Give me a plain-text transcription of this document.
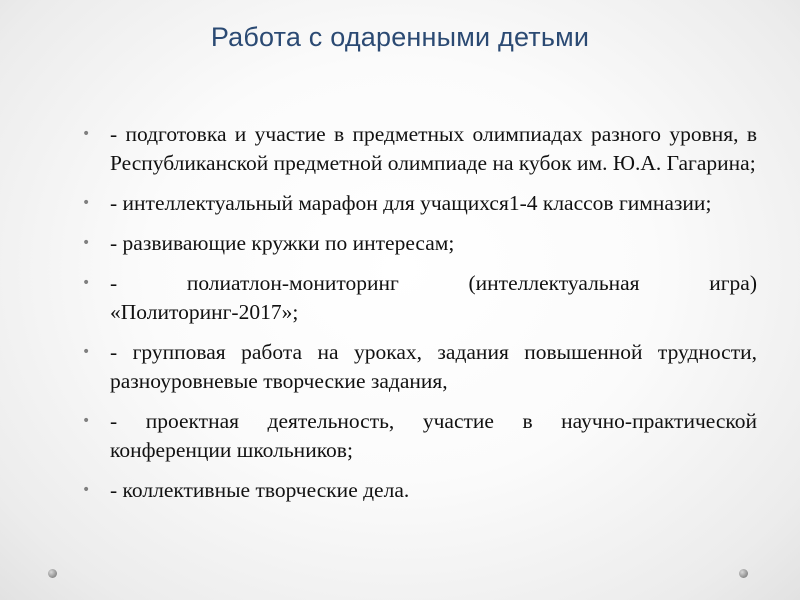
Работа с одаренными детьми
• - подготовка и участие в предметных олимпиадах разного уровня, в Республиканской предметной олимпиаде на кубок им. Ю.А. Гагарина;
• - интеллектуальный марафон для учащихся1-4 классов гимназии;
• - развивающие кружки по интересам;
• - полиатлон-мониторинг (интеллектуальная игра) «Политоринг-2017»;
• - групповая работа на уроках, задания повышенной трудности, разноуровневые творческие задания,
• - проектная деятельность, участие в научно-практической конференции школьников;
• - коллективные творческие дела.
